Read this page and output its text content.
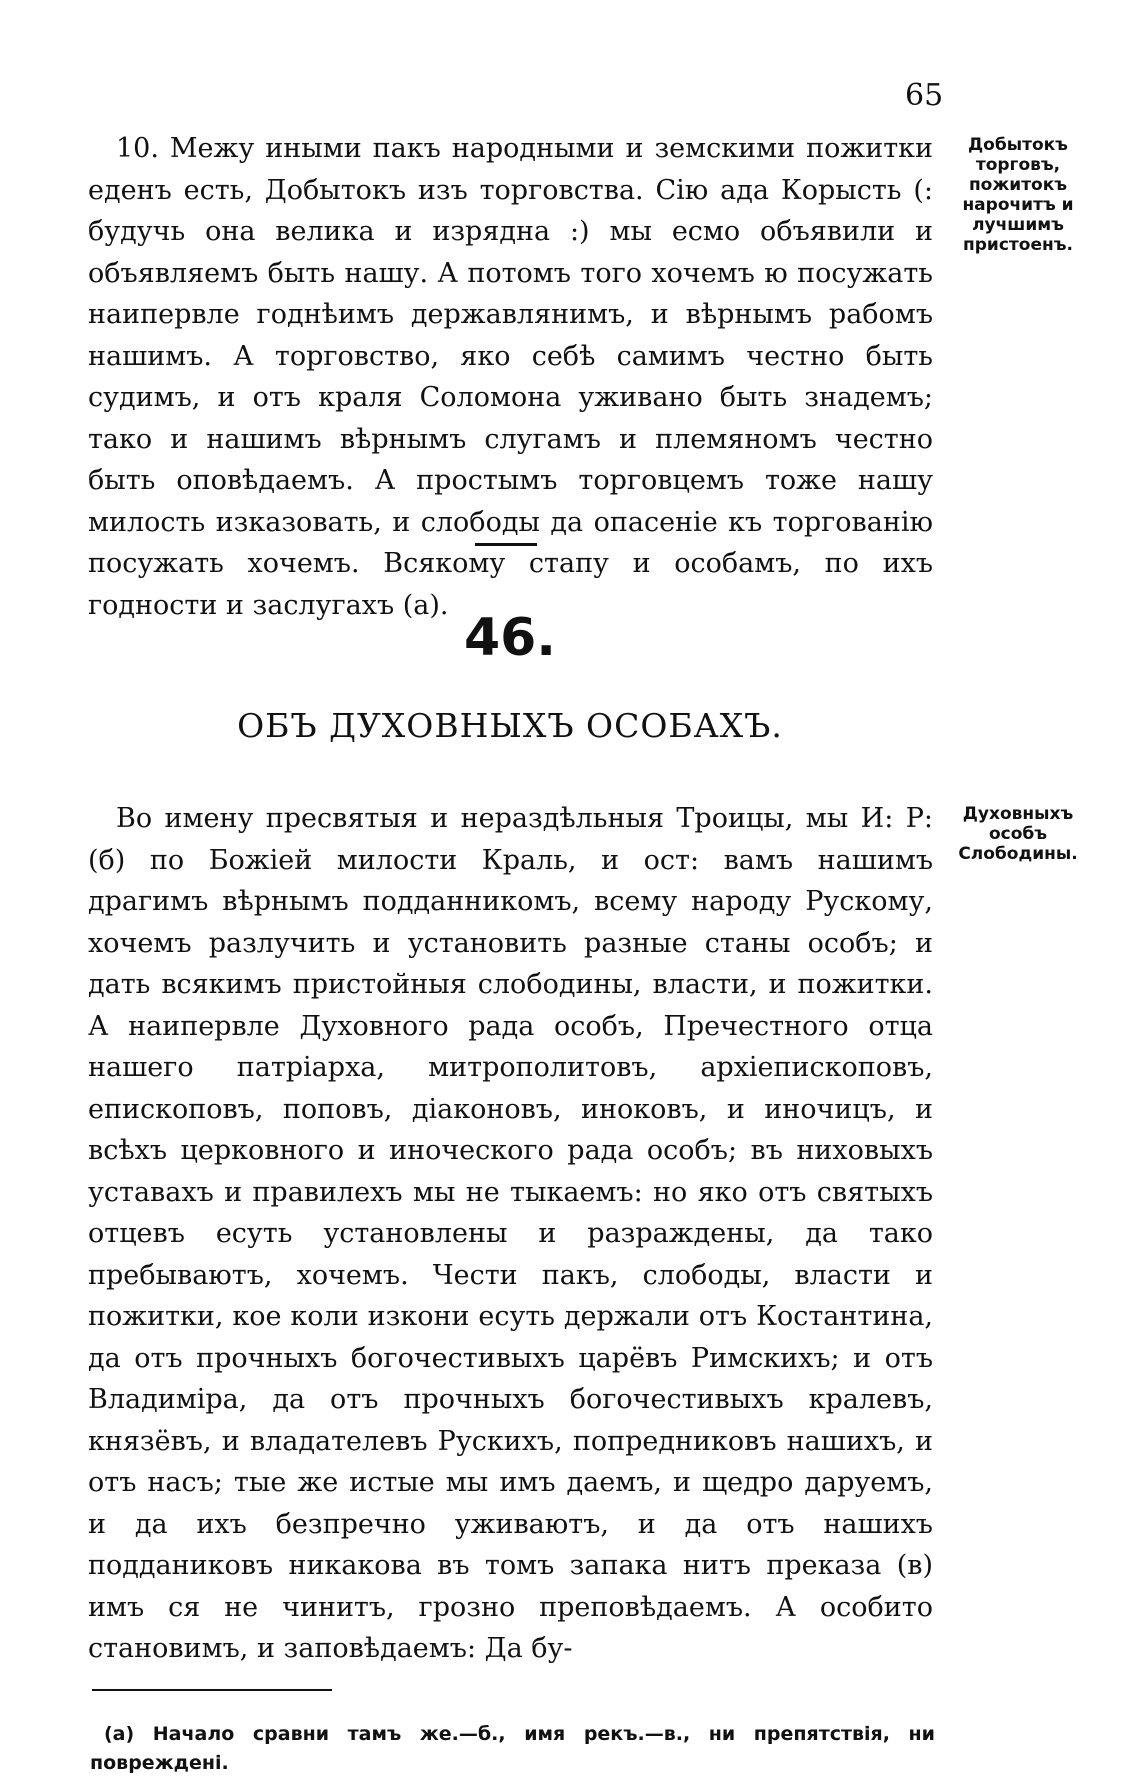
65

10. Межу иными пакъ народными и земскими пожитки еденъ есть, Добытокъ изъ торговства. Сію ада Корысть (: будучь она велика и изрядна :) мы есмо объявили и объявляемъ быть нашу. А потомъ того хочемъ ю посужать наипервле годнѣимъ державлянимъ, и вѣрнымъ рабомъ нашимъ. А торговство, яко себѣ самимъ честно быть судимъ, и отъ краля Соломона уживано быть знадемъ; тако и нашимъ вѣрнымъ слугамъ и племяномъ честно быть оповѣдаемъ. А простымъ торговцемъ тоже нашу милость изказовать, и слободы да опасеніе къ торгованію посужать хочемъ. Всякому стапу и особамъ, по ихъ годности и заслугахъ (а).

Добытокъ торговъ, пожитокъ нарочитъ и лучшимъ пристоенъ.
46.
ОБЪ ДУХОВНЫХЪ ОСОБАХЪ.

Во имену пресвятыя и нераздѣльныя Троицы, мы И: Р: (б) по Божіей милости Краль, и ост: вамъ нашимъ драгимъ вѣрнымъ подданникомъ, всему народу Рускому, хочемъ разлучить и установить разные станы особъ; и дать всякимъ пристойныя слободины, власти, и пожитки. А наипервле Духовного рада особъ, Пречестного отца нашего патріарха, митрополитовъ, архіепископовъ, епископовъ, поповъ, діаконовъ, иноковъ, и иночицъ, и всѣхъ церковного и иноческого рада особъ; въ ниховыхъ уставахъ и правилехъ мы не тыкаемъ: но яко отъ святыхъ отцевъ есуть установлены и разраждены, да тако пребываютъ, хочемъ. Чести пакъ, слободы, власти и пожитки, кое коли изкони есуть держали отъ Костантина, да отъ прочныхъ богочестивыхъ царёвъ Римскихъ; и отъ Владиміра, да отъ прочныхъ богочестивыхъ кралевъ, князёвъ, и владателевъ Рускихъ, попредниковъ нашихъ, и отъ насъ; тые же истые мы имъ даемъ, и щедро даруемъ, и да ихъ безпречно уживаютъ, и да отъ нашихъ подданиковъ никакова въ томъ запака нитъ преказа (в) имъ ся не чинитъ, грозно преповѣдаемъ. А особито становимъ, и заповѣдаемъ: Да бу-

Духовныхъ особъ Слободины.

(а) Начало сравни тамъ же.—б., имя рекъ.—в., ни препятствія, ни повреждені.
